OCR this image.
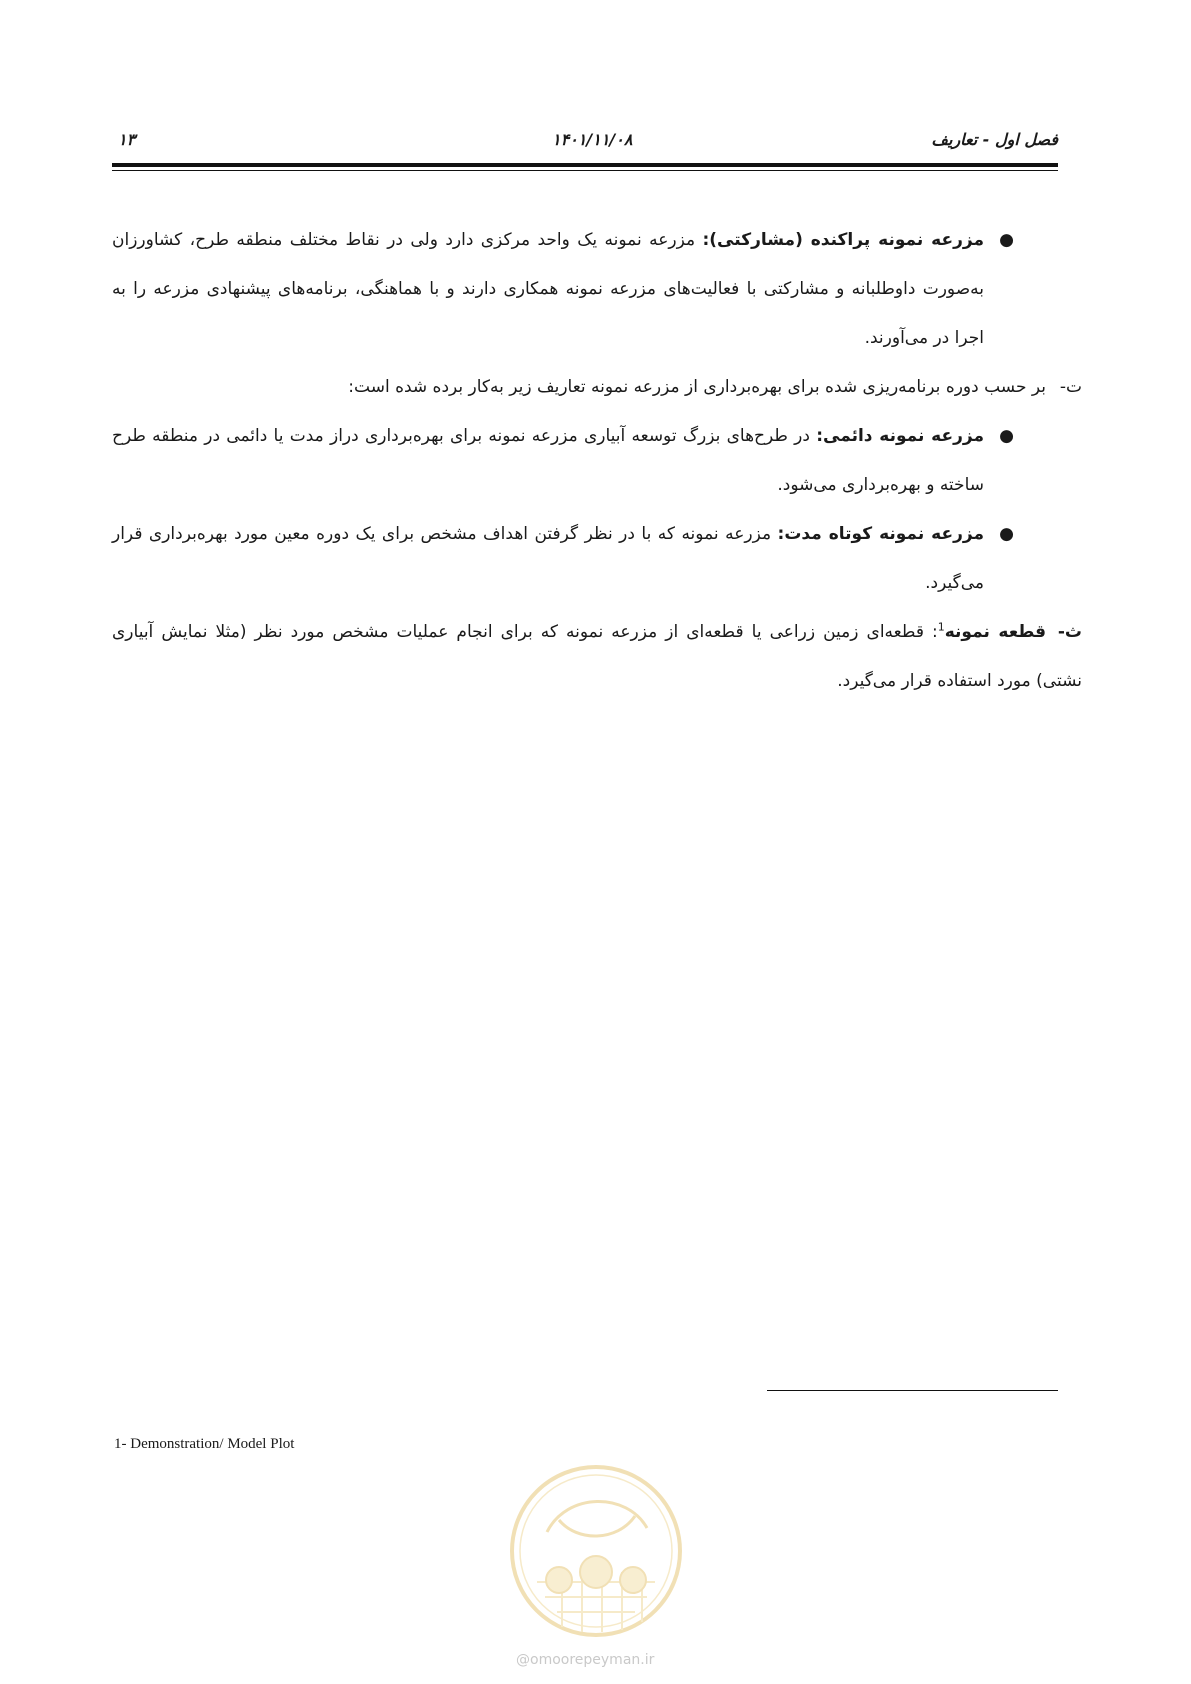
فصل اول - تعاریف
۱۴۰۱/۱۱/۰۸
۱۳

●
مزرعه نمونه پراکنده (مشارکتی): مزرعه نمونه یک واحد مرکزی دارد ولی در نقاط مختلف منطقه طرح، کشاورزان به‌صورت داوطلبانه و مشارکتی با فعالیت‌های مزرعه نمونه همکاری دارند و با هماهنگی، برنامه‌های پیشنهادی مزرعه را به اجرا در می‌آورند.

ت-بر حسب دوره برنامه‌ریزی شده برای بهره‌برداری از مزرعه نمونه تعاریف زیر به‌کار برده شده است:

●
مزرعه نمونه دائمی: در طرح‌های بزرگ توسعه آبیاری مزرعه نمونه برای بهره‌برداری دراز مدت یا دائمی در منطقه طرح ساخته و بهره‌برداری می‌شود.

●
مزرعه نمونه کوتاه مدت: مزرعه نمونه که با در نظر گرفتن اهداف مشخص برای یک دوره معین مورد بهره‌برداری قرار می‌گیرد.

ث-قطعه نمونه$^1$: قطعه‌ای زمین زراعی یا قطعه‌ای از مزرعه نمونه که برای انجام عملیات مشخص مورد نظر (مثلا نمایش آبیاری نشتی) مورد استفاده قرار می‌گیرد.

1- Demonstration/ Model Plot
@omoorepeyman.ir
